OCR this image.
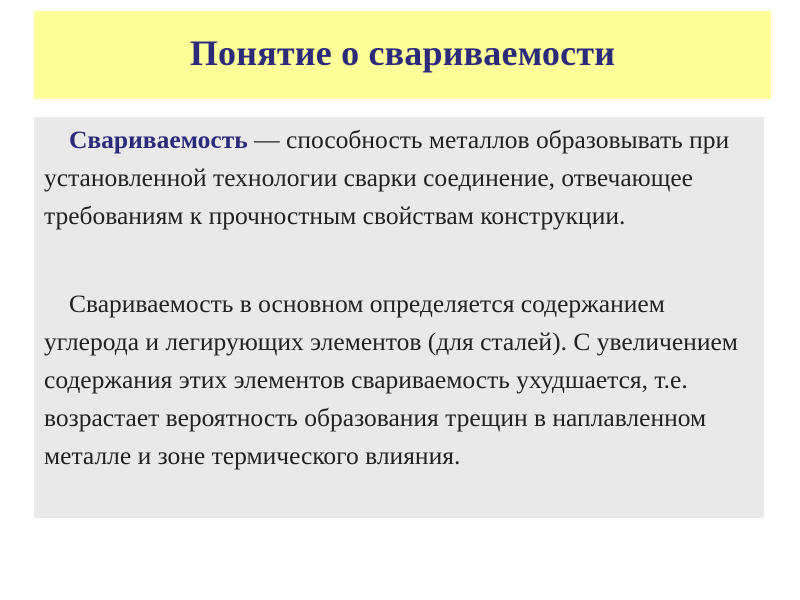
Понятие о свариваемости

Свариваемость — способность металлов образовывать при установленной технологии сварки соединение, отвечающее требованиям к прочностным свойствам конструкции.

Свариваемость в основном определяется содержанием углерода и легирующих элементов (для сталей). С увеличением содержания этих элементов свариваемость ухудшается, т.е. возрастает вероятность образования трещин в наплавленном металле и зоне термического влияния.
